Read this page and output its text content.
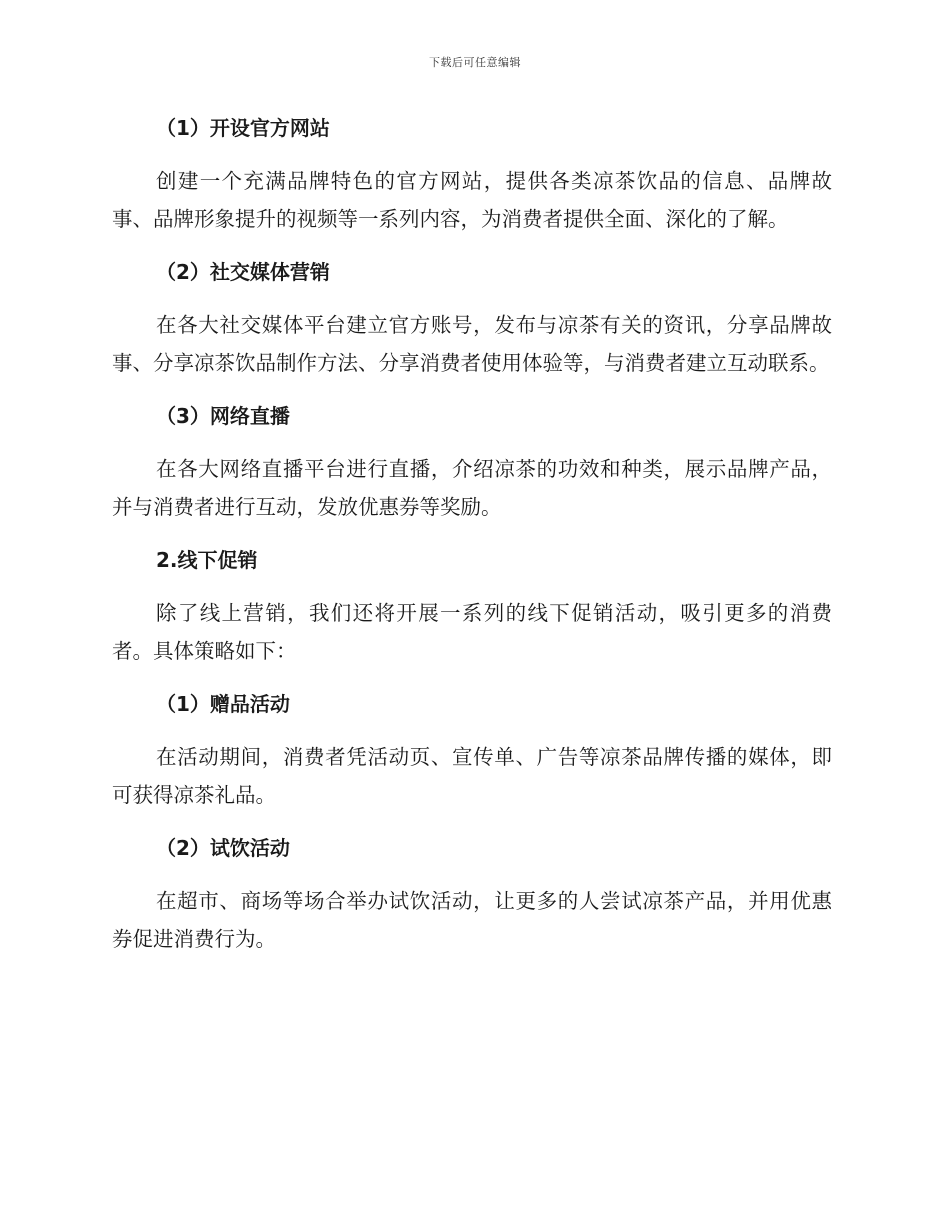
下载后可任意编辑
（1）开设官方网站

创建一个充满品牌特色的官方网站，提供各类凉茶饮品的信息、品牌故事、品牌形象提升的视频等一系列内容，为消费者提供全面、深化的了解。

（2）社交媒体营销

在各大社交媒体平台建立官方账号，发布与凉茶有关的资讯，分享品牌故事、分享凉茶饮品制作方法、分享消费者使用体验等，与消费者建立互动联系。

（3）网络直播

在各大网络直播平台进行直播，介绍凉茶的功效和种类，展示品牌产品，并与消费者进行互动，发放优惠券等奖励。

2.线下促销

除了线上营销，我们还将开展一系列的线下促销活动，吸引更多的消费者。具体策略如下：

（1）赠品活动

在活动期间，消费者凭活动页、宣传单、广告等凉茶品牌传播的媒体，即可获得凉茶礼品。

（2）试饮活动

在超市、商场等场合举办试饮活动，让更多的人尝试凉茶产品，并用优惠券促进消费行为。
